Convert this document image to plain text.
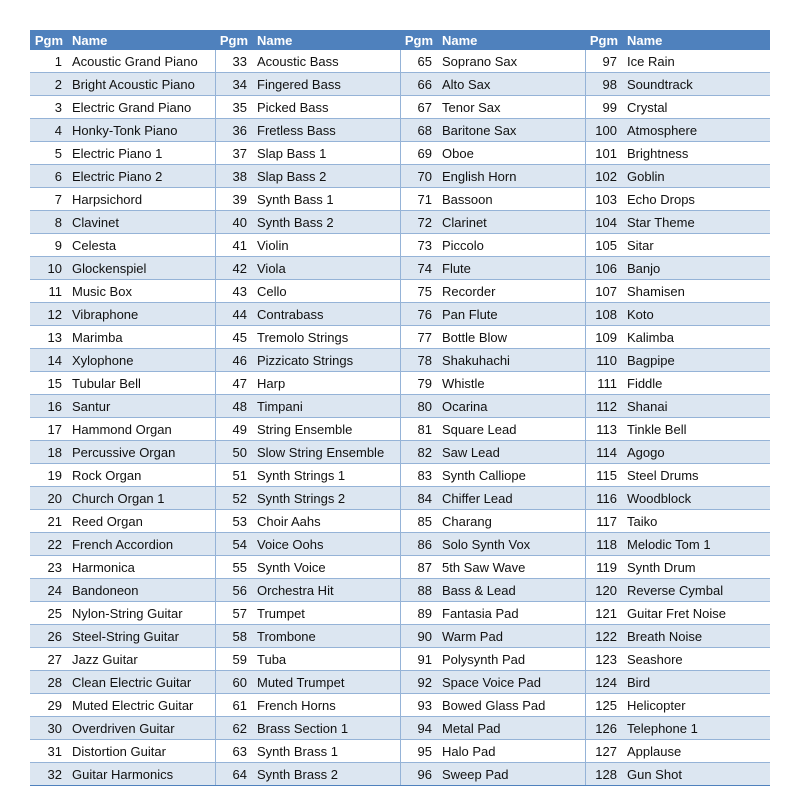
Pgm	Name	Pgm	Name	Pgm	Name	Pgm	Name
1	Acoustic Grand Piano	33	Acoustic Bass	65	Soprano Sax	97	Ice Rain
2	Bright Acoustic Piano	34	Fingered Bass	66	Alto Sax	98	Soundtrack
3	Electric Grand Piano	35	Picked Bass	67	Tenor Sax	99	Crystal
4	Honky-Tonk Piano	36	Fretless Bass	68	Baritone Sax	100	Atmosphere
5	Electric Piano 1	37	Slap Bass 1	69	Oboe	101	Brightness
6	Electric Piano 2	38	Slap Bass 2	70	English Horn	102	Goblin
7	Harpsichord	39	Synth Bass 1	71	Bassoon	103	Echo Drops
8	Clavinet	40	Synth Bass 2	72	Clarinet	104	Star Theme
9	Celesta	41	Violin	73	Piccolo	105	Sitar
10	Glockenspiel	42	Viola	74	Flute	106	Banjo
11	Music Box	43	Cello	75	Recorder	107	Shamisen
12	Vibraphone	44	Contrabass	76	Pan Flute	108	Koto
13	Marimba	45	Tremolo Strings	77	Bottle Blow	109	Kalimba
14	Xylophone	46	Pizzicato Strings	78	Shakuhachi	110	Bagpipe
15	Tubular Bell	47	Harp	79	Whistle	111	Fiddle
16	Santur	48	Timpani	80	Ocarina	112	Shanai
17	Hammond Organ	49	String Ensemble	81	Square Lead	113	Tinkle Bell
18	Percussive Organ	50	Slow String Ensemble	82	Saw Lead	114	Agogo
19	Rock Organ	51	Synth Strings 1	83	Synth Calliope	115	Steel Drums
20	Church Organ 1	52	Synth Strings 2	84	Chiffer Lead	116	Woodblock
21	Reed Organ	53	Choir Aahs	85	Charang	117	Taiko
22	French Accordion	54	Voice Oohs	86	Solo Synth Vox	118	Melodic Tom 1
23	Harmonica	55	Synth Voice	87	5th Saw Wave	119	Synth Drum
24	Bandoneon	56	Orchestra Hit	88	Bass & Lead	120	Reverse Cymbal
25	Nylon-String Guitar	57	Trumpet	89	Fantasia Pad	121	Guitar Fret Noise
26	Steel-String Guitar	58	Trombone	90	Warm Pad	122	Breath Noise
27	Jazz Guitar	59	Tuba	91	Polysynth Pad	123	Seashore
28	Clean Electric Guitar	60	Muted Trumpet	92	Space Voice Pad	124	Bird
29	Muted Electric Guitar	61	French Horns	93	Bowed Glass Pad	125	Helicopter
30	Overdriven Guitar	62	Brass Section 1	94	Metal Pad	126	Telephone 1
31	Distortion Guitar	63	Synth Brass 1	95	Halo Pad	127	Applause
32	Guitar Harmonics	64	Synth Brass 2	96	Sweep Pad	128	Gun Shot
